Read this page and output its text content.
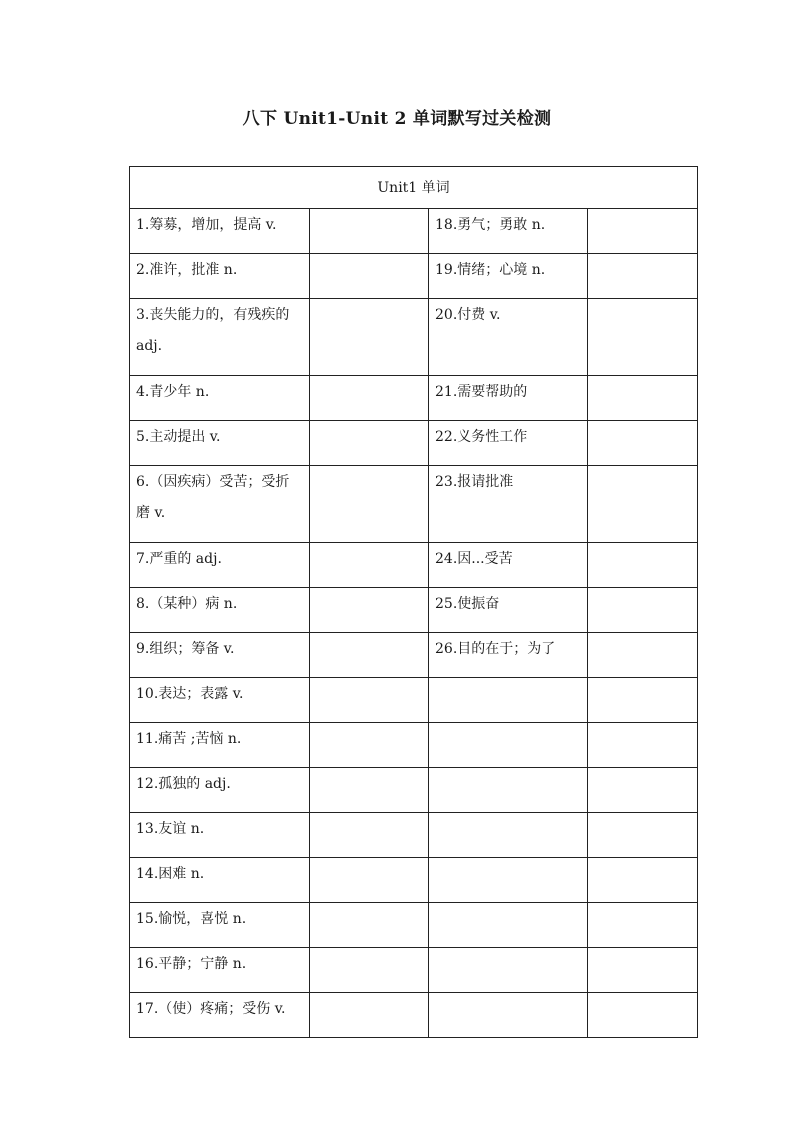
八下 Unit1-Unit 2 单词默写过关检测
Unit1 单词			
1.筹募，增加，提高 v.		18.勇气；勇敢 n.	
2.准许，批准 n.		19.情绪；心境 n.	
3.丧失能力的，有残疾的 adj.		20.付费 v.	
4.青少年 n.		21.需要帮助的	
5.主动提出 v.		22.义务性工作	
6.（因疾病）受苦；受折磨 v.		23.报请批准	
7.严重的 adj.		24.因...受苦	
8.（某种）病 n.		25.使振奋	
9.组织；筹备 v.		26.目的在于；为了	
10.表达；表露 v.			
11.痛苦 ;苦恼 n.			
12.孤独的 adj.			
13.友谊 n.			
14.困难 n.			
15.愉悦，喜悦 n.			
16.平静；宁静 n.			
17.（使）疼痛；受伤 v.			
